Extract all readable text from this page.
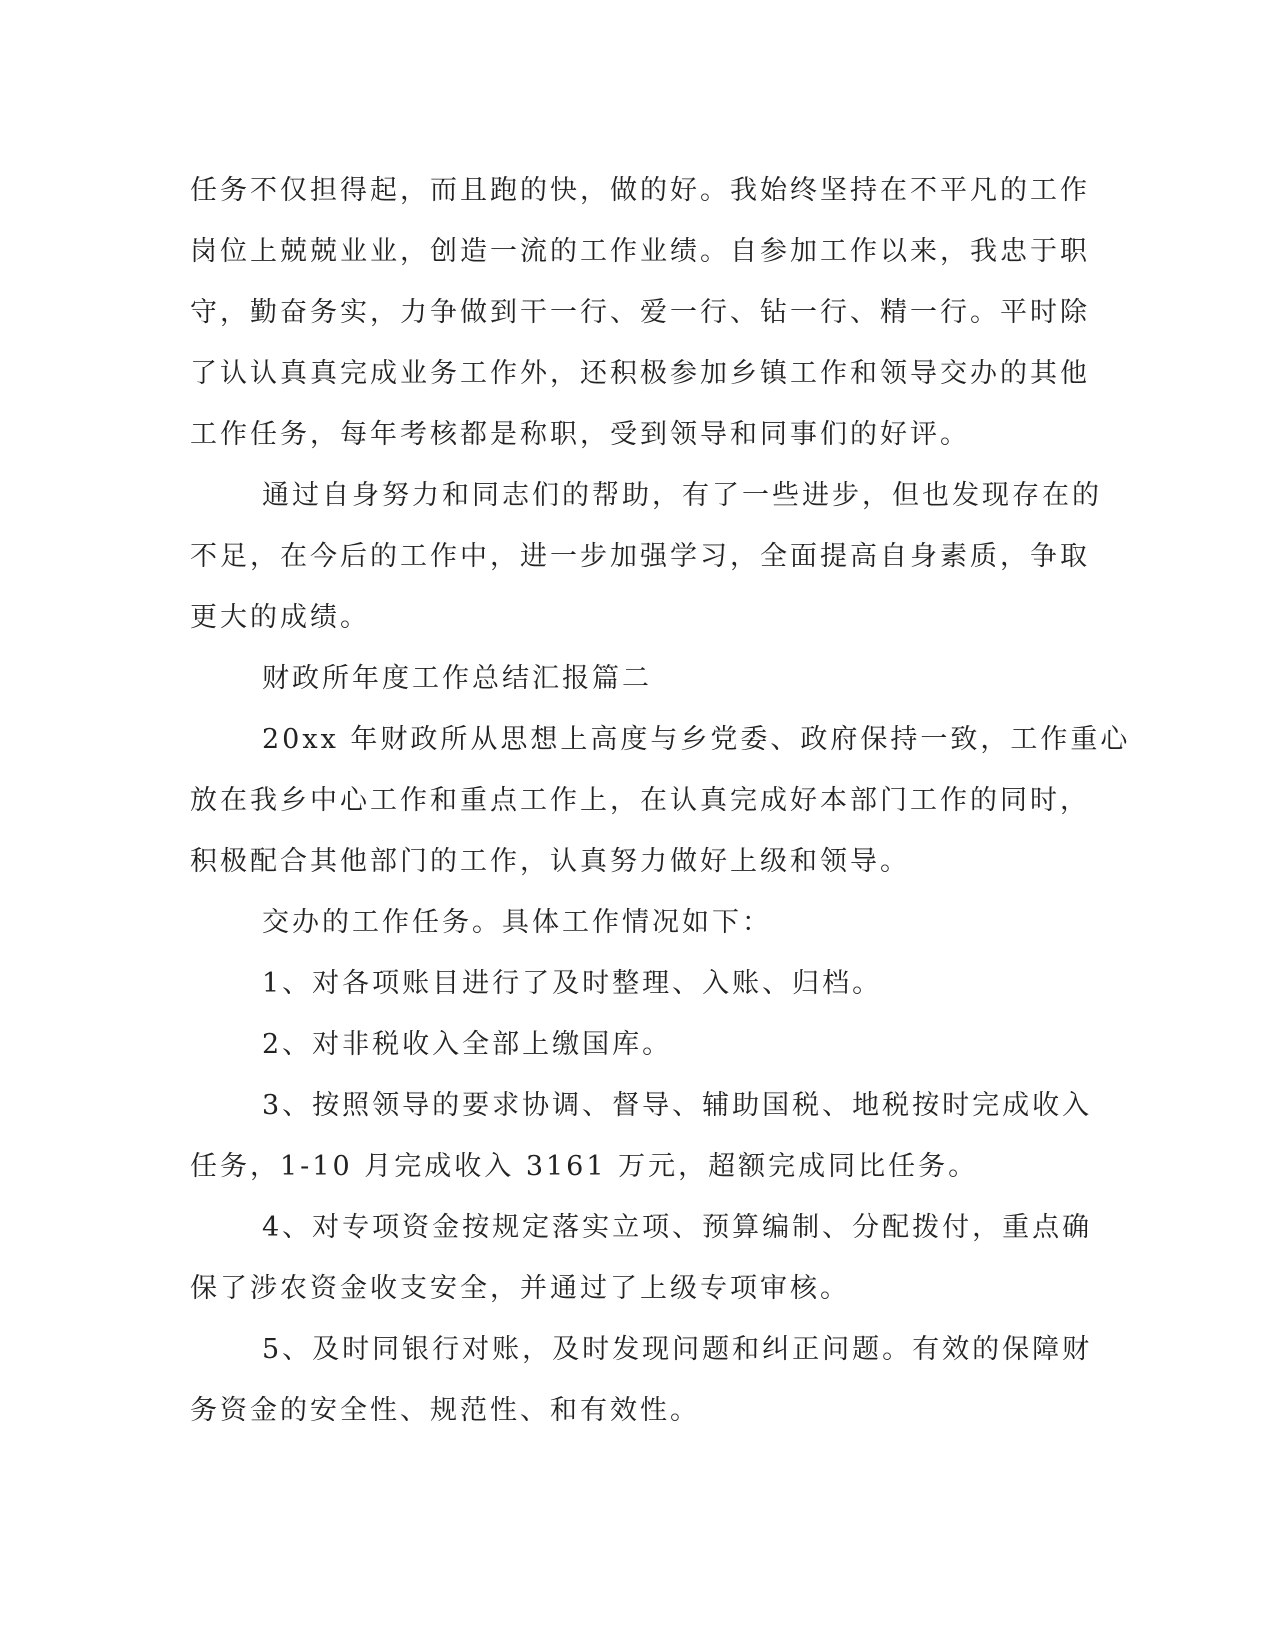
任务不仅担得起，而且跑的快，做的好。我始终坚持在不平凡的工作
岗位上兢兢业业，创造一流的工作业绩。自参加工作以来，我忠于职
守，勤奋务实，力争做到干一行、爱一行、钻一行、精一行。平时除
了认认真真完成业务工作外，还积极参加乡镇工作和领导交办的其他
工作任务，每年考核都是称职，受到领导和同事们的好评。
通过自身努力和同志们的帮助，有了一些进步，但也发现存在的
不足，在今后的工作中，进一步加强学习，全面提高自身素质，争取
更大的成绩。
财政所年度工作总结汇报篇二
20xx 年财政所从思想上高度与乡党委、政府保持一致，工作重心
放在我乡中心工作和重点工作上，在认真完成好本部门工作的同时，
积极配合其他部门的工作，认真努力做好上级和领导。
交办的工作任务。具体工作情况如下：
1、对各项账目进行了及时整理、入账、归档。
2、对非税收入全部上缴国库。
3、按照领导的要求协调、督导、辅助国税、地税按时完成收入
任务，1-10 月完成收入 3161 万元，超额完成同比任务。
4、对专项资金按规定落实立项、预算编制、分配拨付，重点确
保了涉农资金收支安全，并通过了上级专项审核。
5、及时同银行对账，及时发现问题和纠正问题。有效的保障财
务资金的安全性、规范性、和有效性。
